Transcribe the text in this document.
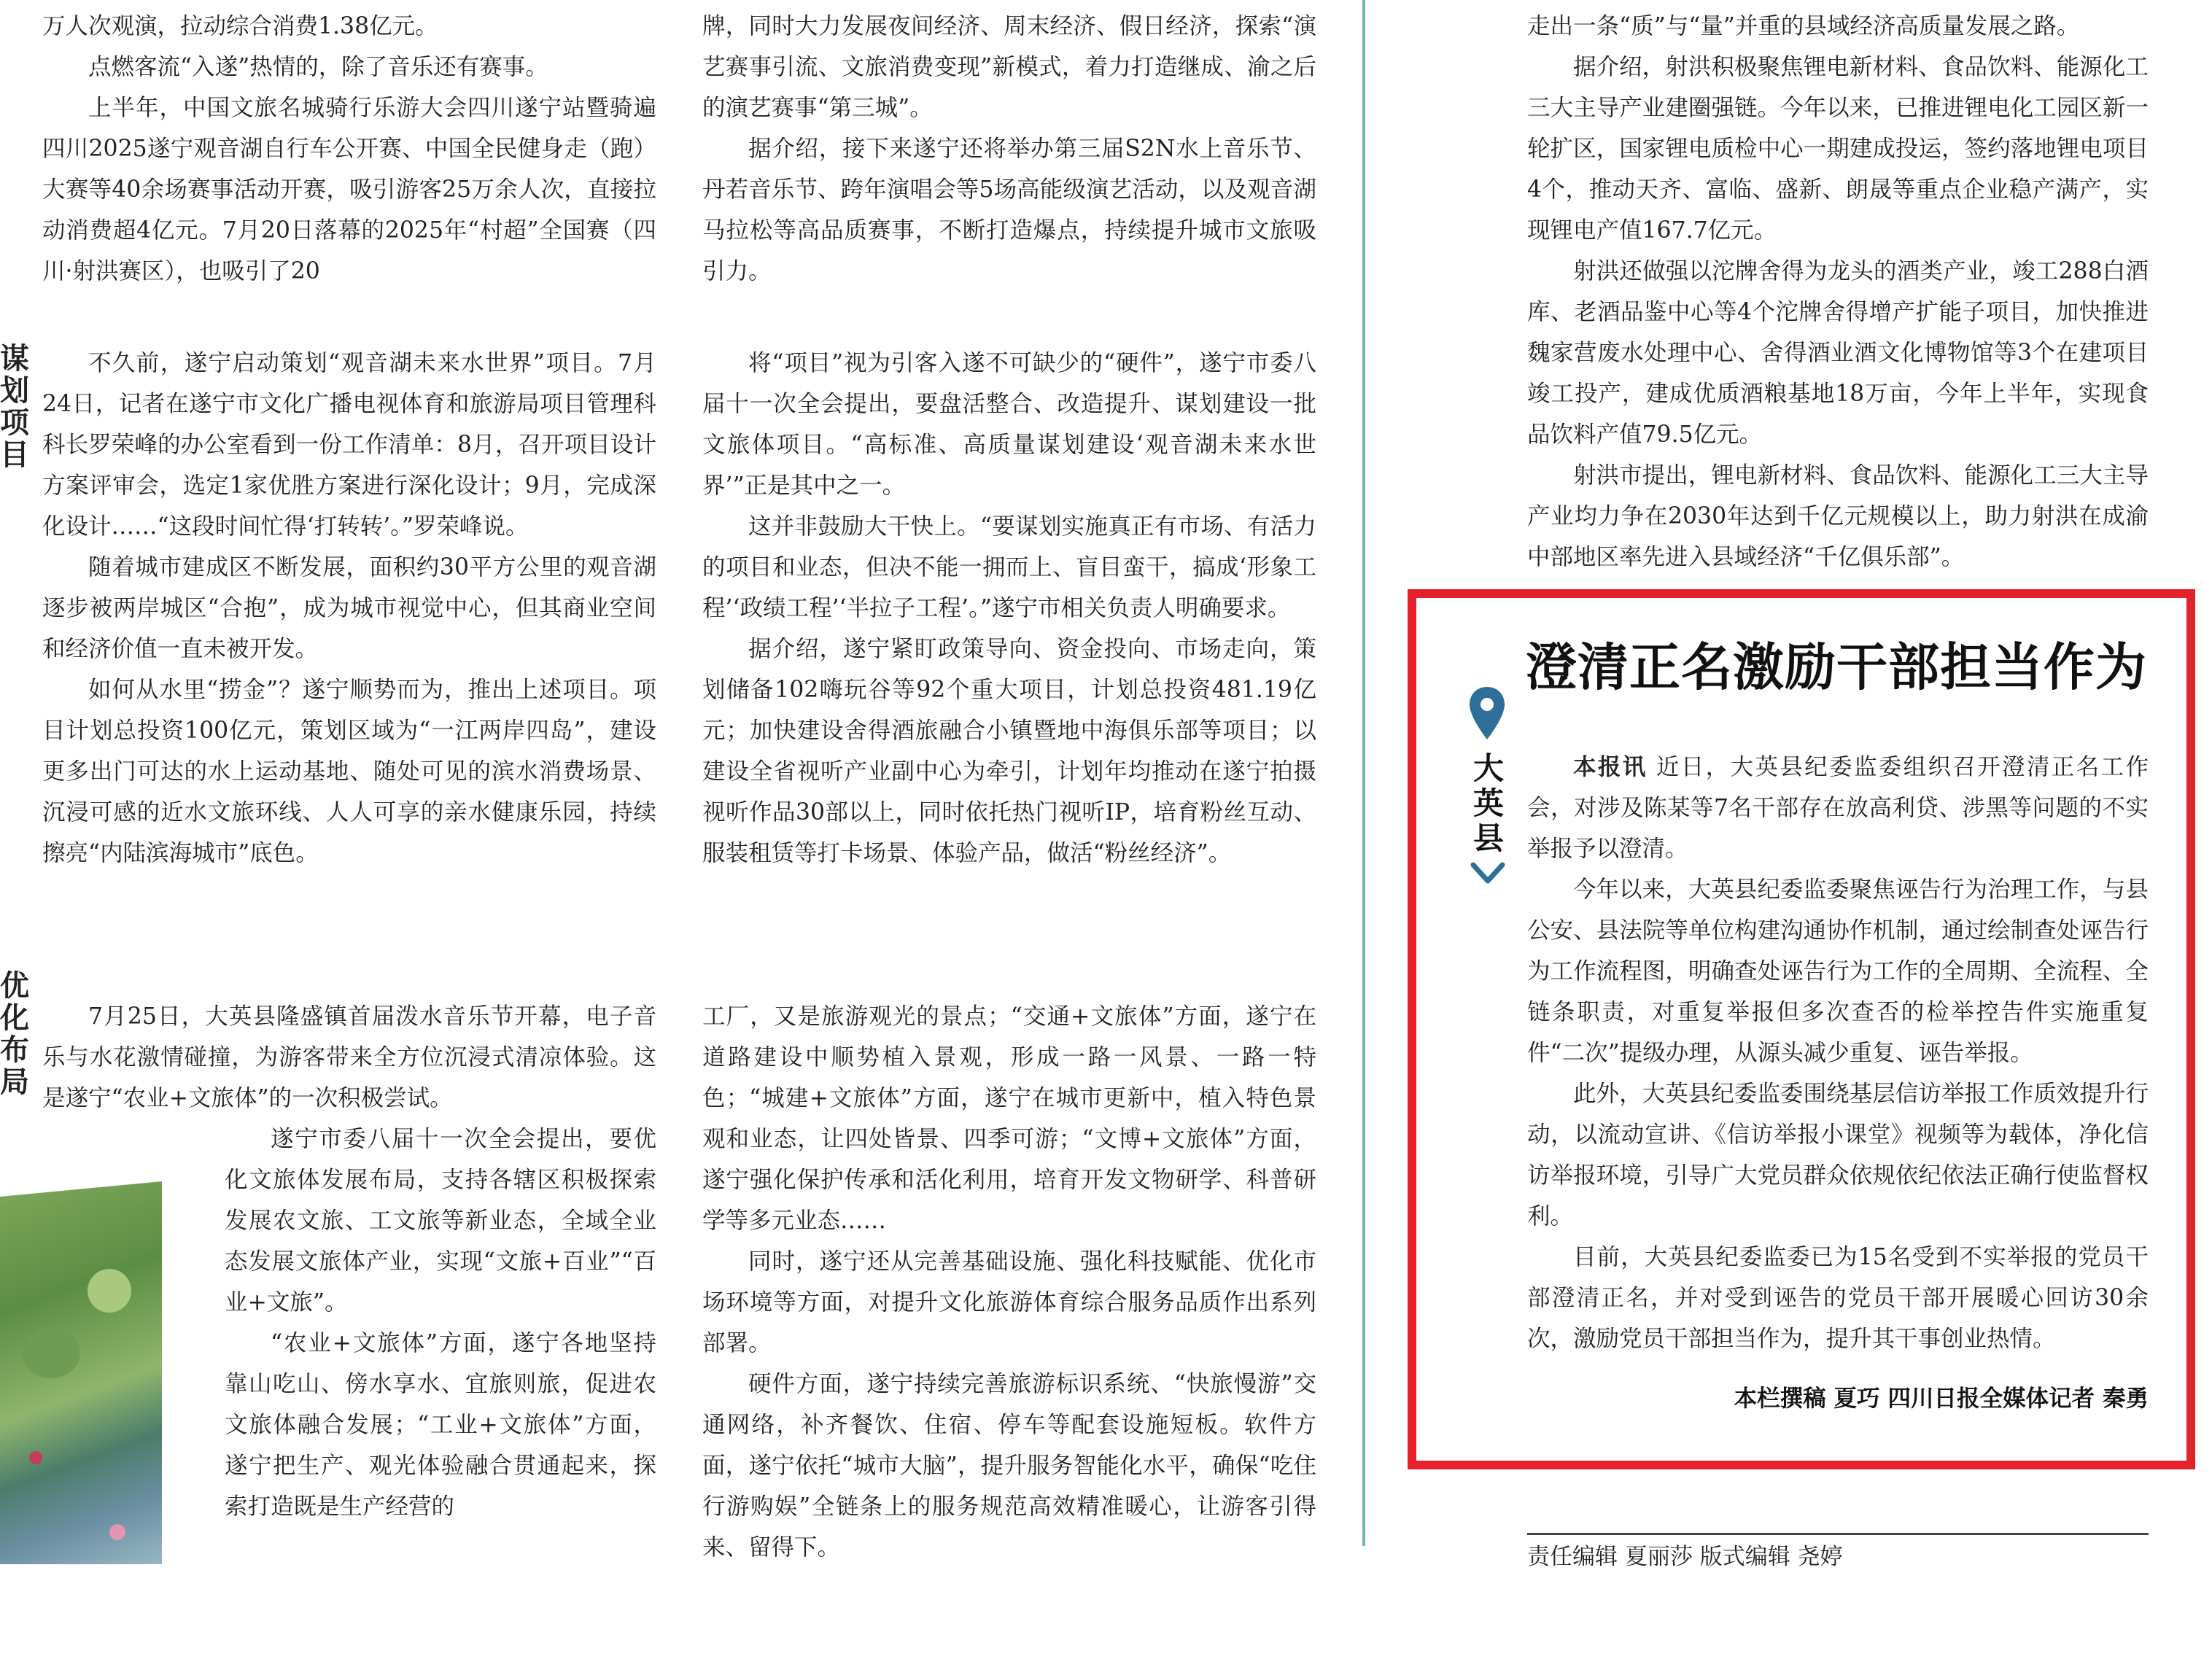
谋划项目
优化布局

万人次观演，拉动综合消费1.38亿元。

点燃客流“入遂”热情的，除了音乐还有赛事。

上半年，中国文旅名城骑行乐游大会四川遂宁站暨骑遍四川2025遂宁观音湖自行车公开赛、中国全民健身走（跑）大赛等40余场赛事活动开赛，吸引游客25万余人次，直接拉动消费超4亿元。7月20日落幕的2025年“村超”全国赛（四川·射洪赛区），也吸引了20

不久前，遂宁启动策划“观音湖未来水世界”项目。7月24日，记者在遂宁市文化广播电视体育和旅游局项目管理科科长罗荣峰的办公室看到一份工作清单：8月，召开项目设计方案评审会，选定1家优胜方案进行深化设计；9月，完成深化设计……“这段时间忙得‘打转转’。”罗荣峰说。

随着城市建成区不断发展，面积约30平方公里的观音湖逐步被两岸城区“合抱”，成为城市视觉中心，但其商业空间和经济价值一直未被开发。

如何从水里“捞金”？遂宁顺势而为，推出上述项目。项目计划总投资100亿元，策划区域为“一江两岸四岛”，建设更多出门可达的水上运动基地、随处可见的滨水消费场景、沉浸可感的近水文旅环线、人人可享的亲水健康乐园，持续擦亮“内陆滨海城市”底色。

7月25日，大英县隆盛镇首届泼水音乐节开幕，电子音乐与水花激情碰撞，为游客带来全方位沉浸式清凉体验。这是遂宁“农业+文旅体”的一次积极尝试。

遂宁市委八届十一次全会提出，要优化文旅体发展布局，支持各辖区积极探索发展农文旅、工文旅等新业态，全域全业态发展文旅体产业，实现“文旅+百业”“百业+文旅”。

“农业+文旅体”方面，遂宁各地坚持靠山吃山、傍水享水、宜旅则旅，促进农文旅体融合发展；“工业+文旅体”方面，遂宁把生产、观光体验融合贯通起来，探索打造既是生产经营的

牌，同时大力发展夜间经济、周末经济、假日经济，探索“演艺赛事引流、文旅消费变现”新模式，着力打造继成、渝之后的演艺赛事“第三城”。

据介绍，接下来遂宁还将举办第三届S2N水上音乐节、丹若音乐节、跨年演唱会等5场高能级演艺活动，以及观音湖马拉松等高品质赛事，不断打造爆点，持续提升城市文旅吸引力。

将“项目”视为引客入遂不可缺少的“硬件”，遂宁市委八届十一次全会提出，要盘活整合、改造提升、谋划建设一批文旅体项目。“高标准、高质量谋划建设‘观音湖未来水世界’”正是其中之一。

这并非鼓励大干快上。“要谋划实施真正有市场、有活力的项目和业态，但决不能一拥而上、盲目蛮干，搞成‘形象工程’‘政绩工程’‘半拉子工程’。”遂宁市相关负责人明确要求。

据介绍，遂宁紧盯政策导向、资金投向、市场走向，策划储备102嗨玩谷等92个重大项目，计划总投资481.19亿元；加快建设舍得酒旅融合小镇暨地中海俱乐部等项目；以建设全省视听产业副中心为牵引，计划年均推动在遂宁拍摄视听作品30部以上，同时依托热门视听IP，培育粉丝互动、服装租赁等打卡场景、体验产品，做活“粉丝经济”。

工厂，又是旅游观光的景点；“交通+文旅体”方面，遂宁在道路建设中顺势植入景观，形成一路一风景、一路一特色；“城建+文旅体”方面，遂宁在城市更新中，植入特色景观和业态，让四处皆景、四季可游；“文博+文旅体”方面，遂宁强化保护传承和活化利用，培育开发文物研学、科普研学等多元业态……

同时，遂宁还从完善基础设施、强化科技赋能、优化市场环境等方面，对提升文化旅游体育综合服务品质作出系列部署。

硬件方面，遂宁持续完善旅游标识系统、“快旅慢游”交通网络，补齐餐饮、住宿、停车等配套设施短板。软件方面，遂宁依托“城市大脑”，提升服务智能化水平，确保“吃住行游购娱”全链条上的服务规范高效精准暖心，让游客引得来、留得下。

走出一条“质”与“量”并重的县域经济高质量发展之路。

据介绍，射洪积极聚焦锂电新材料、食品饮料、能源化工三大主导产业建圈强链。今年以来，已推进锂电化工园区新一轮扩区，国家锂电质检中心一期建成投运，签约落地锂电项目4个，推动天齐、富临、盛新、朗晟等重点企业稳产满产，实现锂电产值167.7亿元。

射洪还做强以沱牌舍得为龙头的酒类产业，竣工288白酒库、老酒品鉴中心等4个沱牌舍得增产扩能子项目，加快推进魏家营废水处理中心、舍得酒业酒文化博物馆等3个在建项目竣工投产，建成优质酒粮基地18万亩，今年上半年，实现食品饮料产值79.5亿元。

射洪市提出，锂电新材料、食品饮料、能源化工三大主导产业均力争在2030年达到千亿元规模以上，助力射洪在成渝中部地区率先进入县域经济“千亿俱乐部”。

澄清正名激励干部担当作为
大英县

本报讯 近日，大英县纪委监委组织召开澄清正名工作会，对涉及陈某等7名干部存在放高利贷、涉黑等问题的不实举报予以澄清。

今年以来，大英县纪委监委聚焦诬告行为治理工作，与县公安、县法院等单位构建沟通协作机制，通过绘制查处诬告行为工作流程图，明确查处诬告行为工作的全周期、全流程、全链条职责，对重复举报但多次查否的检举控告件实施重复件“二次”提级办理，从源头减少重复、诬告举报。

此外，大英县纪委监委围绕基层信访举报工作质效提升行动，以流动宣讲、《信访举报小课堂》视频等为载体，净化信访举报环境，引导广大党员群众依规依纪依法正确行使监督权利。

目前，大英县纪委监委已为15名受到不实举报的党员干部澄清正名，并对受到诬告的党员干部开展暖心回访30余次，激励党员干部担当作为，提升其干事创业热情。

本栏撰稿 夏巧 四川日报全媒体记者 秦勇
责任编辑 夏丽莎 版式编辑 尧婷
